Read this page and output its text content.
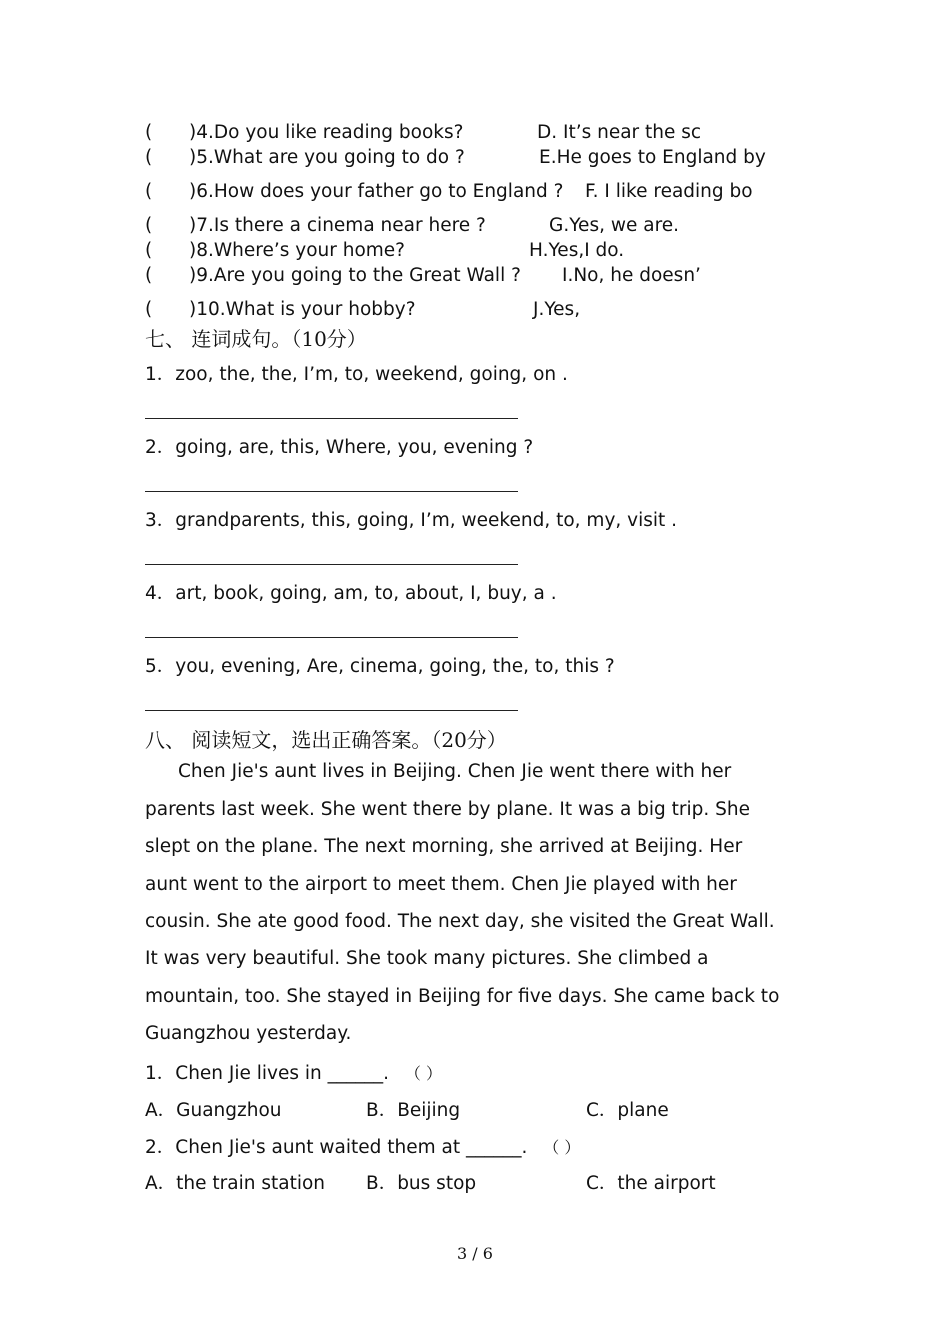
( )4.Do you like reading books?	D. It’s near the sc
( )5.What are you going to do ?	E.He goes to England by
( )6.How does your father go to England ? F. I like reading bo
( )7.Is there a cinema near here ?	G.Yes, we are.
( )8.Where’s your home?	H.Yes,I do.
( )9.Are you going to the Great Wall ? I.No, he doesn’
( )10.What is your hobby?	J.Yes,
七、 连词成句。（10分）
1．zoo, the, the, I’m, to, weekend, going, on .
2．going, are, this, Where, you, evening ?
3．grandparents, this, going, I’m, weekend, to, my, visit .
4．art, book, going, am, to, about, I, buy, a .
5．you, evening, Are, cinema, going, the, to, this ?
八、 阅读短文，选出正确答案。（20分）
Chen Jie's aunt lives in Beijing. Chen Jie went there with her
parents last week. She went there by plane. It was a big trip. She
slept on the plane. The next morning, she arrived at Beijing. Her
aunt went to the airport to meet them. Chen Jie played with her
cousin. She ate good food. The next day, she visited the Great Wall.
It was very beautiful. She took many pictures. She climbed a
mountain, too. She stayed in Beijing for five days. She came back to
Guangzhou yesterday.
1．Chen Jie lives in ______. （ ）
A．Guangzhou	B．Beijing	C．plane
2．Chen Jie's aunt waited them at ______. （ ）
A．the train station B．bus stop	C．the airport
3 / 6
